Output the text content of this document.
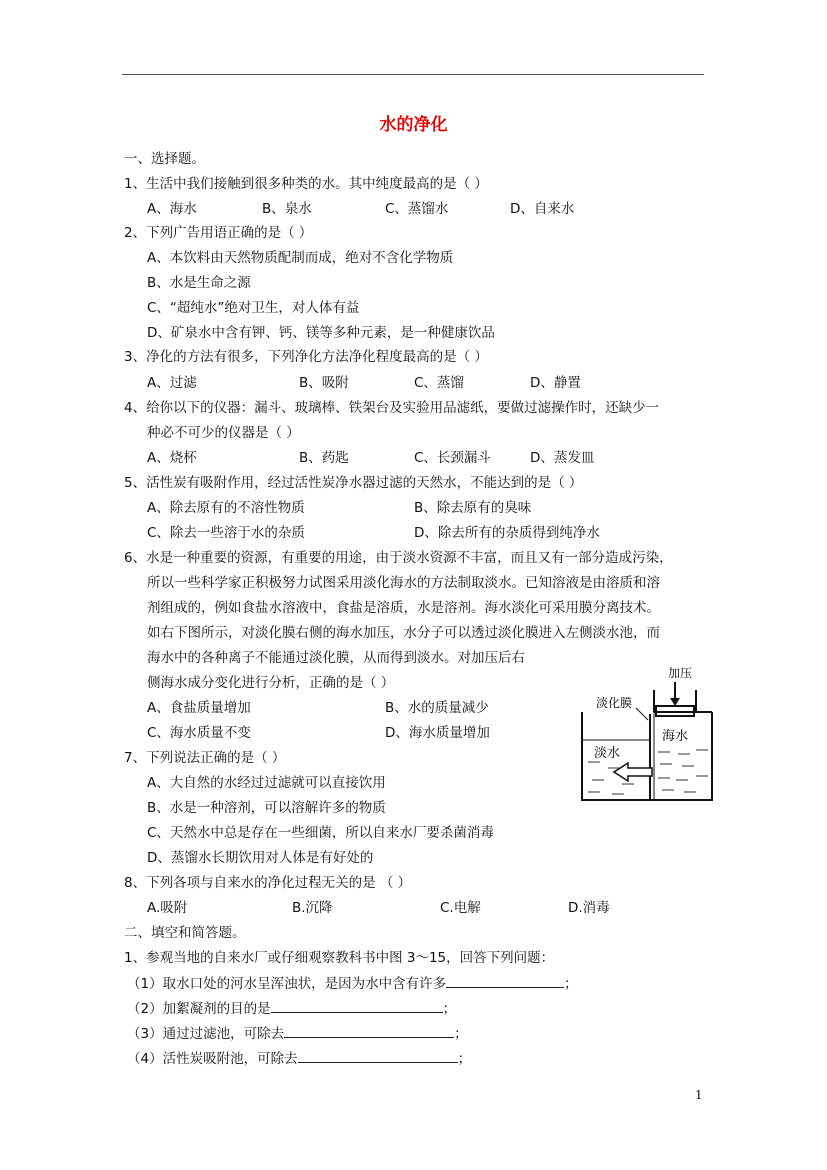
水的净化
一、选择题。
1、生活中我们接触到很多种类的水。其中纯度最高的是（ ）
A、海水	B、泉水	C、蒸馏水	D、自来水
2、下列广告用语正确的是（ ）
A、本饮料由天然物质配制而成，绝对不含化学物质
B、水是生命之源
C、“超纯水”绝对卫生，对人体有益
D、矿泉水中含有钾、钙、镁等多种元素，是一种健康饮品
3、净化的方法有很多，下列净化方法净化程度最高的是（ ）
A、过滤	B、吸附	C、蒸馏	D、静置
4、给你以下的仪器：漏斗、玻璃棒、铁架台及实验用品滤纸，要做过滤操作时，还缺少一
种必不可少的仪器是（ ）
A、烧杯	B、药匙	C、长颈漏斗	D、蒸发皿
5、活性炭有吸附作用，经过活性炭净水器过滤的天然水，不能达到的是（ ）
A、除去原有的不溶性物质	B、除去原有的臭味
C、除去一些溶于水的杂质	D、除去所有的杂质得到纯净水
6、水是一种重要的资源，有重要的用途，由于淡水资源不丰富，而且又有一部分造成污染，
所以一些科学家正积极努力试图采用淡化海水的方法制取淡水。已知溶液是由溶质和溶
剂组成的，例如食盐水溶液中，食盐是溶质，水是溶剂。海水淡化可采用膜分离技术。
如右下图所示，对淡化膜右侧的海水加压，水分子可以透过淡化膜进入左侧淡水池，而
海水中的各种离子不能通过淡化膜，从而得到淡水。对加压后右
侧海水成分变化进行分析，正确的是（ ）
A、食盐质量增加	B、水的质量减少
C、海水质量不变	D、海水质量增加
加压
淡化膜
淡水
海水
7、下列说法正确的是（ ）
A、大自然的水经过过滤就可以直接饮用
B、水是一种溶剂，可以溶解许多的物质
C、天然水中总是存在一些细菌，所以自来水厂要杀菌消毒
D、蒸馏水长期饮用对人体是有好处的
8、下列各项与自来水的净化过程无关的是 （ ）
A.吸附	B.沉降	C.电解	D.消毒
二、填空和简答题。
1、参观当地的自来水厂或仔细观察教科书中图 3～15，回答下列问题：
（1）取水口处的河水呈浑浊状，是因为水中含有许多	；
（2）加絮凝剂的目的是	；
（3）通过过滤池，可除去	；
（4）活性炭吸附池，可除去	；
1
